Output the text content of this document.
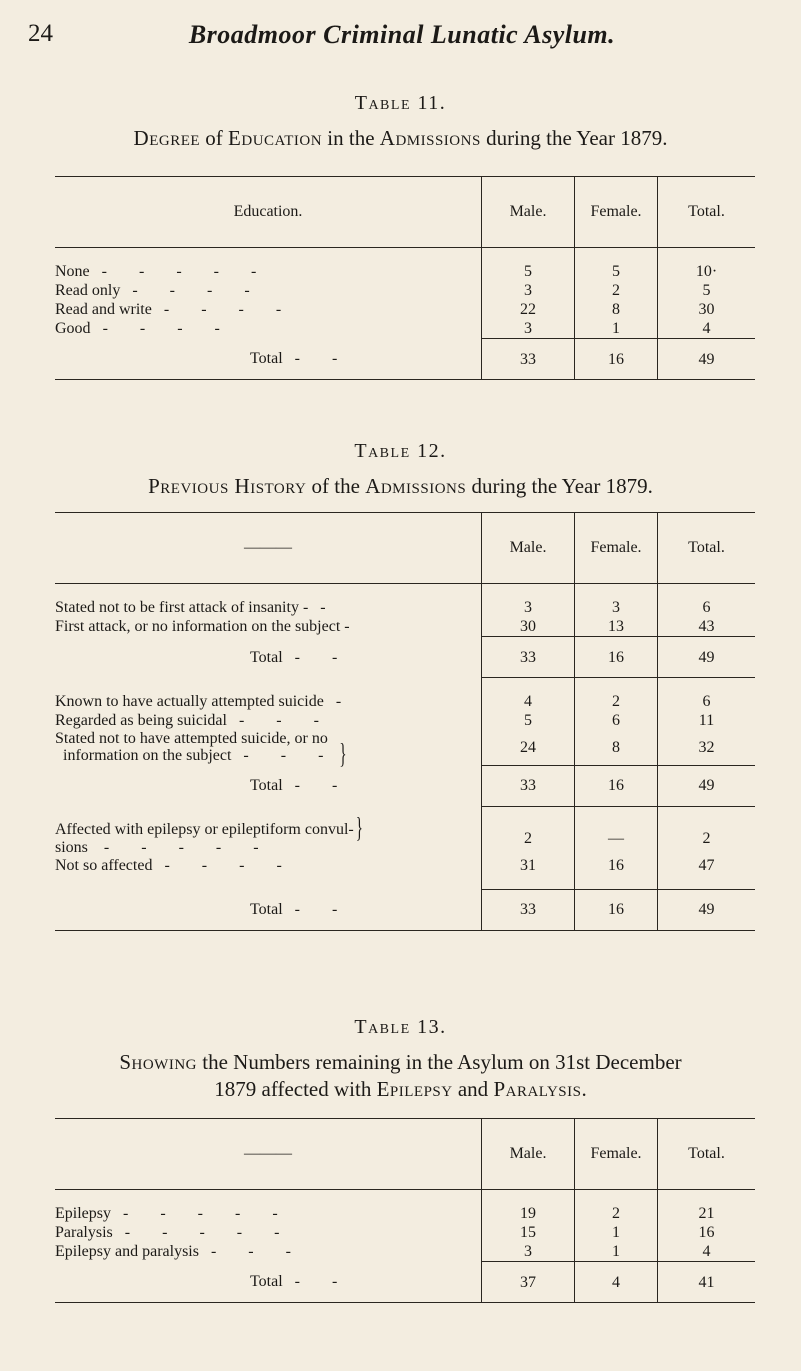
24	Broadmoor Criminal Lunatic Asylum.
Table 11.
Degree of Education in the Admissions during the Year 1879.
Education.	Male.	Female.	Total.

None - - - - -	5	5	10·
Read only - - - -	3	2	5
Read and write - - - -	22	8	30
Good - - - -	3	1	4
Total - -	33	16	49
Table 12.
Previous History of the Admissions during the Year 1879.
———	Male.	Female.	Total.

Stated not to be first attack of insanity - -	3	3	6
First attack, or no information on the subject -	30	13	43
Total - -	33	16	49

Known to have actually attempted suicide -	4	2	6
Regarded as being suicidal - - -	5	6	11
Stated not to have attempted suicide, or no
information on the subject - - - }	24	8	32
Total - -	33	16	49

Affected with epilepsy or epileptiform convul- }
sions - - - - -	2	—	2
Not so affected - - - -	31	16	47

Total - -	33	16	49
Table 13.
Showing the Numbers remaining in the Asylum on 31st December
1879 affected with Epilepsy and Paralysis.
———	Male.	Female.	Total.

Epilepsy - - - - -	19	2	21
Paralysis - - - - -	15	1	16
Epilepsy and paralysis - - -	3	1	4
Total - -	37	4	41
